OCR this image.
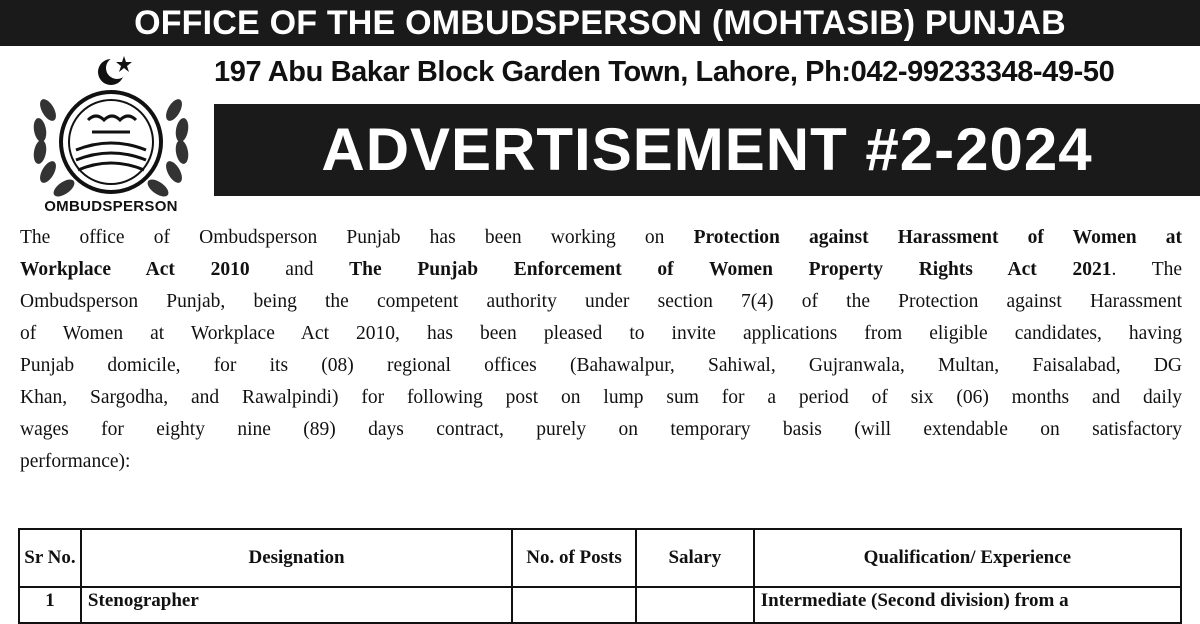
OFFICE OF THE OMBUDSPERSON (MOHTASIB) PUNJAB
OMBUDSPERSON
197 Abu Bakar Block Garden Town, Lahore, Ph:042-99233348-49-50
ADVERTISEMENT #2-2024
The office of Ombudsperson Punjab has been working on Protection against Harassment of Women at
Workplace Act 2010 and The Punjab Enforcement of Women Property Rights Act 2021. The
Ombudsperson Punjab, being the competent authority under section 7(4) of the Protection against Harassment
of Women at Workplace Act 2010, has been pleased to invite applications from eligible candidates, having
Punjab domicile, for its (08) regional offices (Bahawalpur, Sahiwal, Gujranwala, Multan, Faisalabad, DG
Khan, Sargodha, and Rawalpindi) for following post on lump sum for a period of six (06) months and daily
wages for eighty nine (89) days contract, purely on temporary basis (will extendable on satisfactory
performance):
Sr No.	Designation	No. of Posts	Salary	Qualification/ Experience
1	Stenographer			Intermediate (Second division) from a
